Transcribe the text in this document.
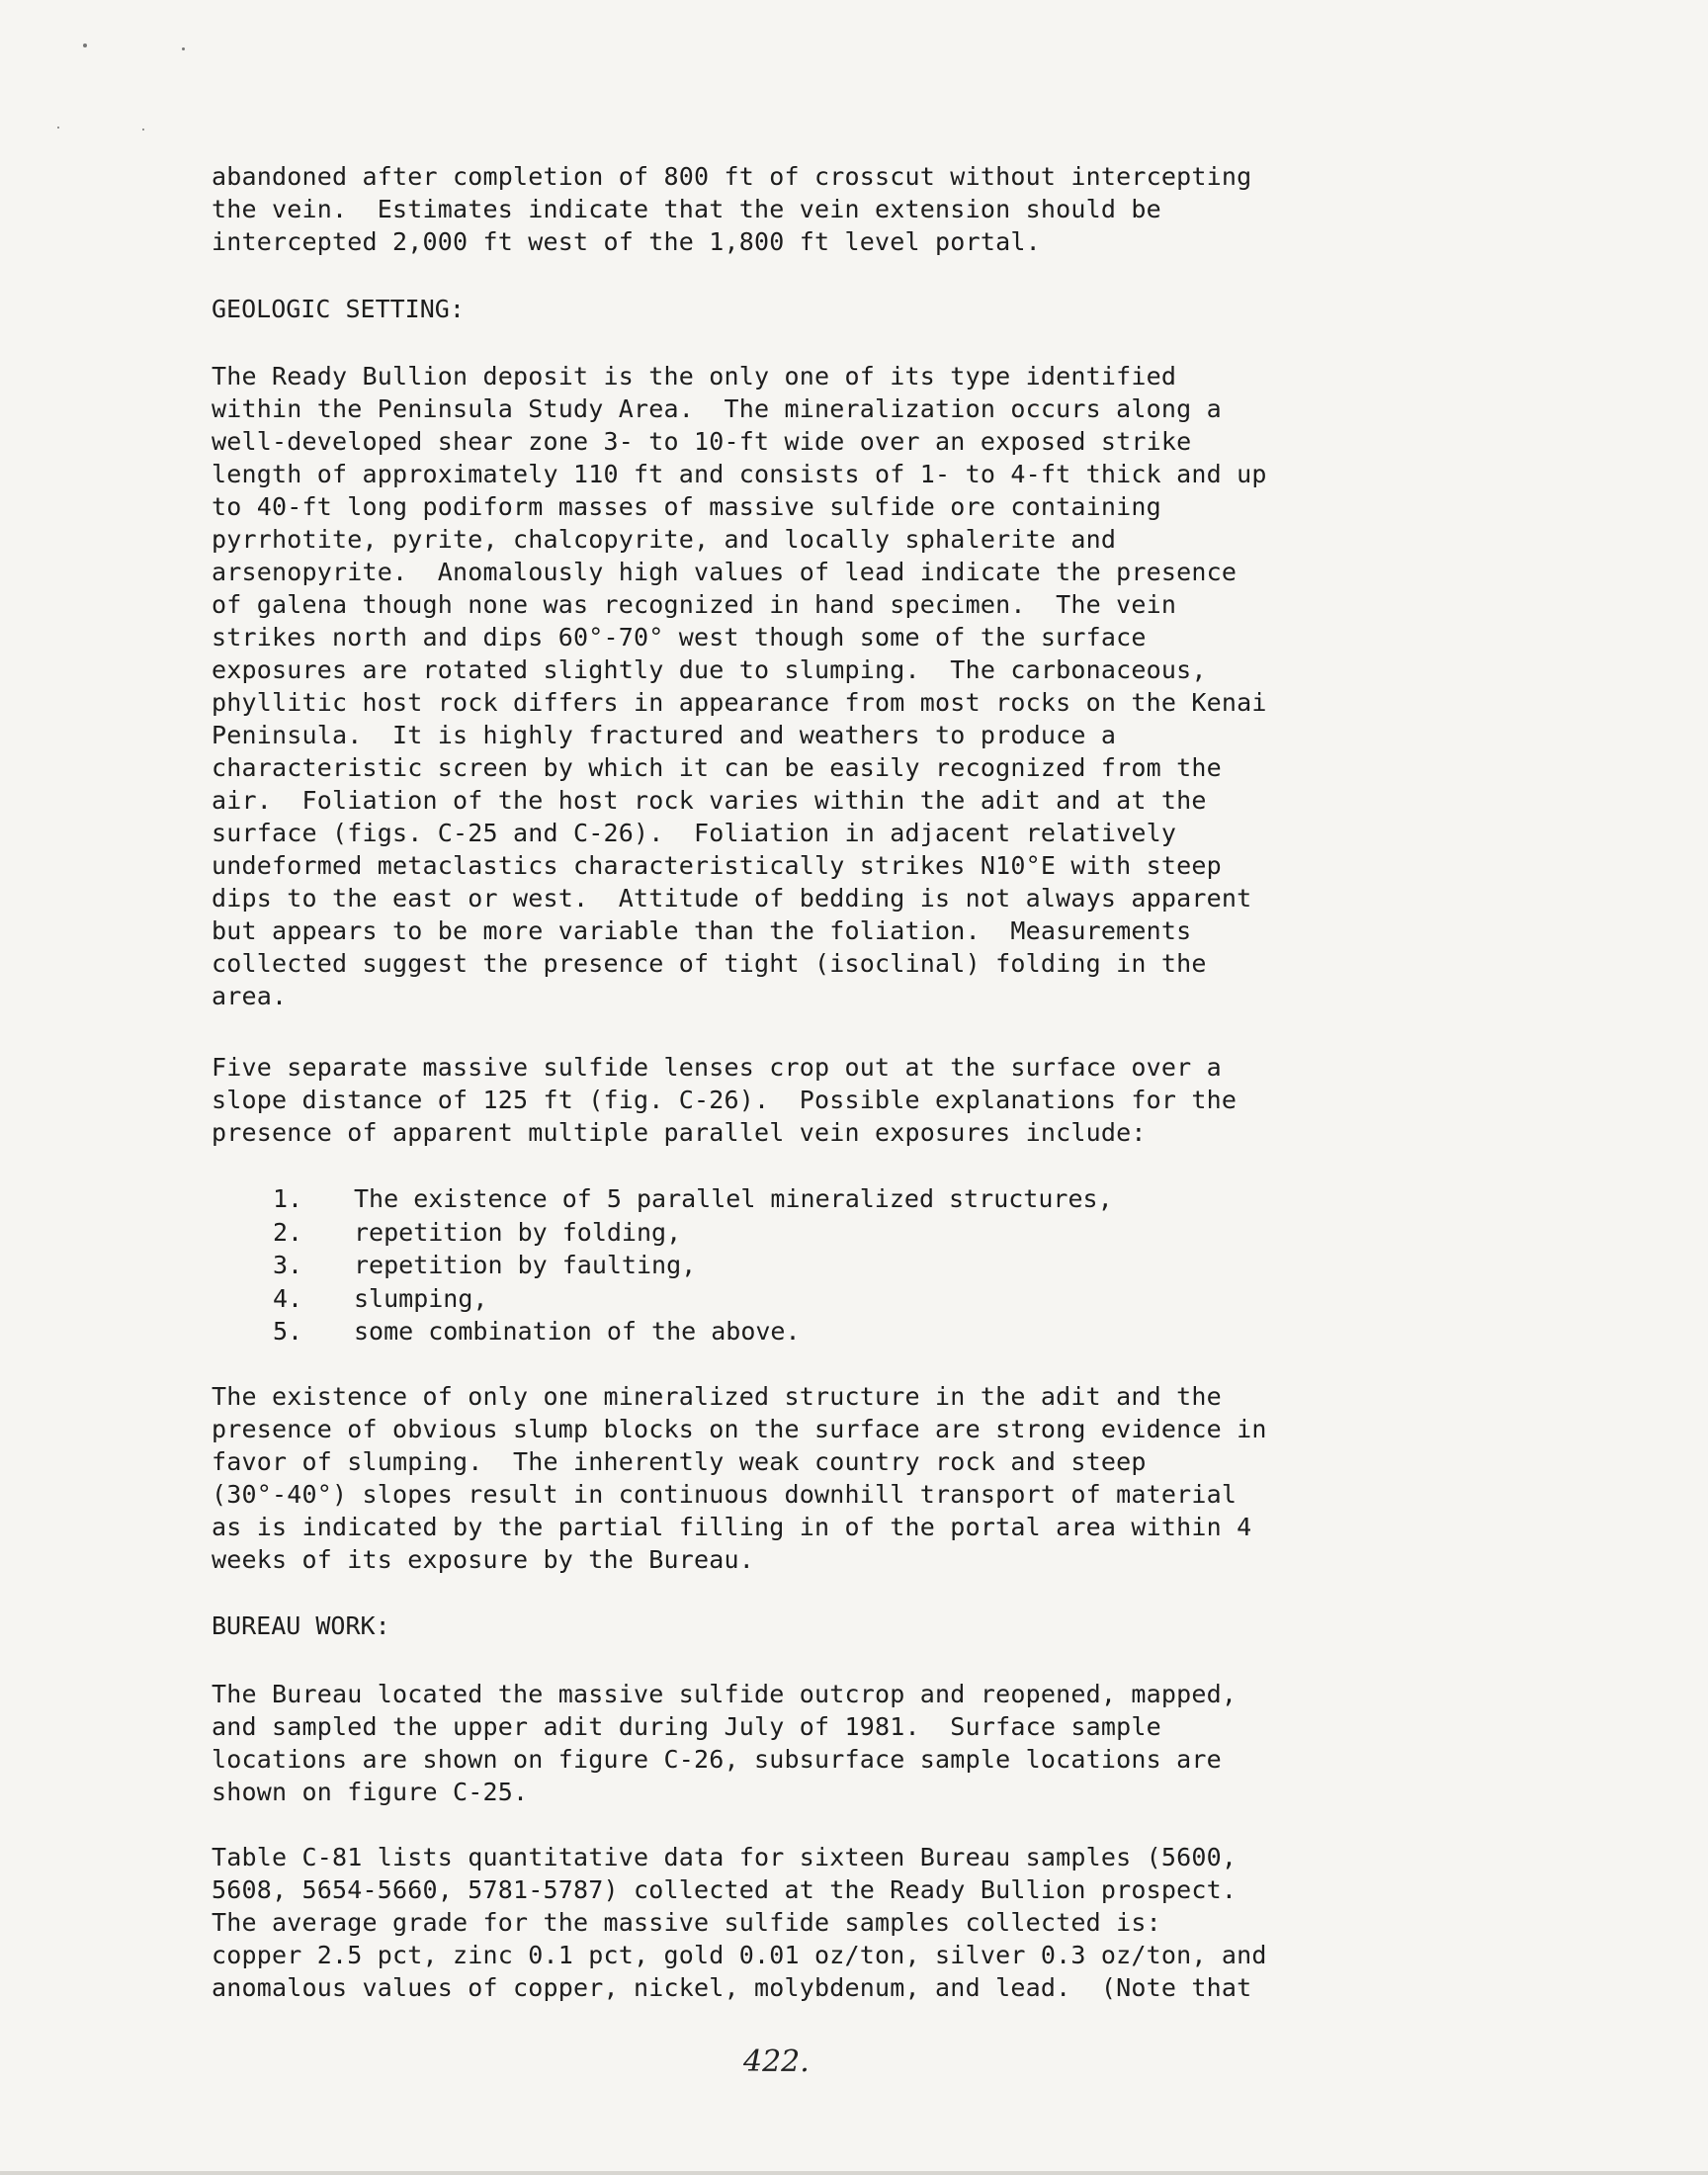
abandoned after completion of 800 ft of crosscut without intercepting
the vein.  Estimates indicate that the vein extension should be
intercepted 2,000 ft west of the 1,800 ft level portal.
GEOLOGIC SETTING:
The Ready Bullion deposit is the only one of its type identified
within the Peninsula Study Area.  The mineralization occurs along a
well-developed shear zone 3- to 10-ft wide over an exposed strike
length of approximately 110 ft and consists of 1- to 4-ft thick and up
to 40-ft long podiform masses of massive sulfide ore containing
pyrrhotite, pyrite, chalcopyrite, and locally sphalerite and
arsenopyrite.  Anomalously high values of lead indicate the presence
of galena though none was recognized in hand specimen.  The vein
strikes north and dips 60°-70° west though some of the surface
exposures are rotated slightly due to slumping.  The carbonaceous,
phyllitic host rock differs in appearance from most rocks on the Kenai
Peninsula.  It is highly fractured and weathers to produce a
characteristic screen by which it can be easily recognized from the
air.  Foliation of the host rock varies within the adit and at the
surface (figs. C-25 and C-26).  Foliation in adjacent relatively
undeformed metaclastics characteristically strikes N10°E with steep
dips to the east or west.  Attitude of bedding is not always apparent
but appears to be more variable than the foliation.  Measurements
collected suggest the presence of tight (isoclinal) folding in the
area.
Five separate massive sulfide lenses crop out at the surface over a
slope distance of 125 ft (fig. C-26).  Possible explanations for the
presence of apparent multiple parallel vein exposures include:
1.	The existence of 5 parallel mineralized structures,
2.	repetition by folding,
3.	repetition by faulting,
4.	slumping,
5.	some combination of the above.
The existence of only one mineralized structure in the adit and the
presence of obvious slump blocks on the surface are strong evidence in
favor of slumping.  The inherently weak country rock and steep
(30°-40°) slopes result in continuous downhill transport of material
as is indicated by the partial filling in of the portal area within 4
weeks of its exposure by the Bureau.
BUREAU WORK:
The Bureau located the massive sulfide outcrop and reopened, mapped,
and sampled the upper adit during July of 1981.  Surface sample
locations are shown on figure C-26, subsurface sample locations are
shown on figure C-25.
Table C-81 lists quantitative data for sixteen Bureau samples (5600,
5608, 5654-5660, 5781-5787) collected at the Ready Bullion prospect.
The average grade for the massive sulfide samples collected is:
copper 2.5 pct, zinc 0.1 pct, gold 0.01 oz/ton, silver 0.3 oz/ton, and
anomalous values of copper, nickel, molybdenum, and lead.  (Note that
422.
